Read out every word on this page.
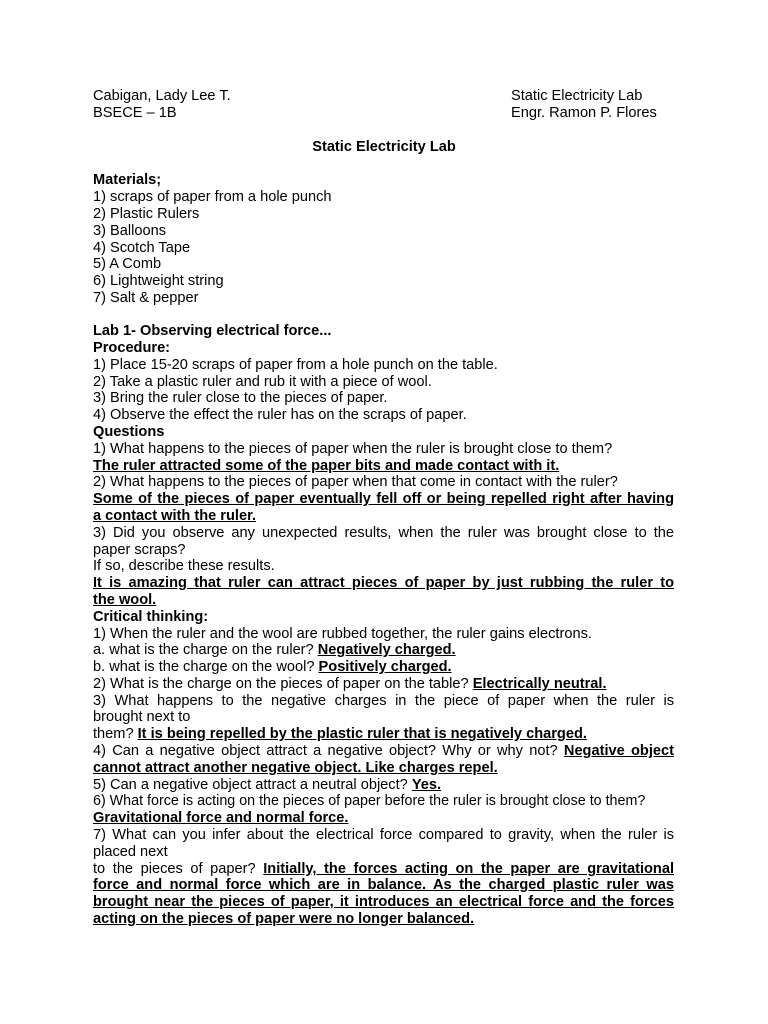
Cabigan, Lady Lee T.
BSECE – 1B
Static Electricity Lab
Engr. Ramon P. Flores
Static Electricity Lab
Materials;
1) scraps of paper from a hole punch
2) Plastic Rulers
3) Balloons
4) Scotch Tape
5) A Comb
6) Lightweight string
7) Salt & pepper
Lab 1- Observing electrical force...
Procedure:
1) Place 15-20 scraps of paper from a hole punch on the table.
2) Take a plastic ruler and rub it with a piece of wool.
3) Bring the ruler close to the pieces of paper.
4) Observe the effect the ruler has on the scraps of paper.
Questions
1) What happens to the pieces of paper when the ruler is brought close to them?
The ruler attracted some of the paper bits and made contact with it.
2) What happens to the pieces of paper when that come in contact with the ruler?
Some of the pieces of paper eventually fell off or being repelled right after having
a contact with the ruler.
3) Did you observe any unexpected results, when the ruler was brought close to the
paper scraps?
If so, describe these results.
It is amazing that ruler can attract pieces of paper by just rubbing the ruler to
the wool.
Critical thinking:
1) When the ruler and the wool are rubbed together, the ruler gains electrons.
a. what is the charge on the ruler? Negatively charged.
b. what is the charge on the wool? Positively charged.
2) What is the charge on the pieces of paper on the table? Electrically neutral.
3) What happens to the negative charges in the piece of paper when the ruler is
brought next to
them? It is being repelled by the plastic ruler that is negatively charged.
4) Can a negative object attract a negative object? Why or why not? Negative object
cannot attract another negative object. Like charges repel.
5) Can a negative object attract a neutral object? Yes.
6) What force is acting on the pieces of paper before the ruler is brought close to them?
Gravitational force and normal force.
7) What can you infer about the electrical force compared to gravity, when the ruler is
placed next
to the pieces of paper? Initially, the forces acting on the paper are gravitational
force and normal force which are in balance. As the charged plastic ruler was
brought near the pieces of paper, it introduces an electrical force and the forces
acting on the pieces of paper were no longer balanced.
